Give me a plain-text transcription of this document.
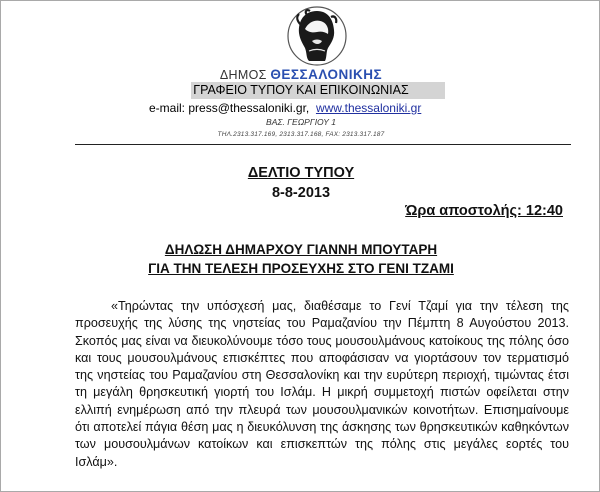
ΔΗΜΟΣ ΘΕΣΣΑΛΟΝΙΚΗΣ
ΓΡΑΦΕΙΟ ΤΥΠΟΥ ΚΑΙ ΕΠΙΚΟΙΝΩΝΙΑΣ
e-mail: press@thessaloniki.gr, www.thessaloniki.gr
ΒΑΣ. ΓΕΩΡΓΙΟΥ 1
ΤΗΛ.2313.317.169, 2313.317.168, FAX: 2313.317.187
ΔΕΛΤΙΟ ΤΥΠΟΥ
8-8-2013
Ώρα αποστολής: 12:40
ΔΗΛΩΣΗ ΔΗΜΑΡΧΟΥ ΓΙΑΝΝΗ ΜΠΟΥΤΑΡΗ
ΓΙΑ ΤΗΝ ΤΕΛΕΣΗ ΠΡΟΣΕΥΧΗΣ ΣΤΟ ΓΕΝΙ ΤΖΑΜΙ
«Τηρώντας την υπόσχεσή μας, διαθέσαμε το Γενί Τζαμί για την τέλεση της προσευχής της λύσης της νηστείας του Ραμαζανίου την Πέμπτη 8 Αυγούστου 2013. Σκοπός μας είναι να διευκολύνουμε τόσο τους μουσουλμάνους κατοίκους της πόλης όσο και τους μουσουλμάνους επισκέπτες που αποφάσισαν να γιορτάσουν τον τερματισμό της νηστείας του Ραμαζανίου στη Θεσσαλονίκη και την ευρύτερη περιοχή, τιμώντας έτσι τη μεγάλη θρησκευτική γιορτή του Ισλάμ. Η μικρή συμμετοχή πιστών οφείλεται στην ελλιπή ενημέρωση από την πλευρά των μουσουλμανικών κοινοτήτων. Επισημαίνουμε ότι αποτελεί πάγια θέση μας η διευκόλυνση της άσκησης των θρησκευτικών καθηκόντων των μουσουλμάνων κατοίκων και επισκεπτών της πόλης στις μεγάλες εορτές του Ισλάμ».
